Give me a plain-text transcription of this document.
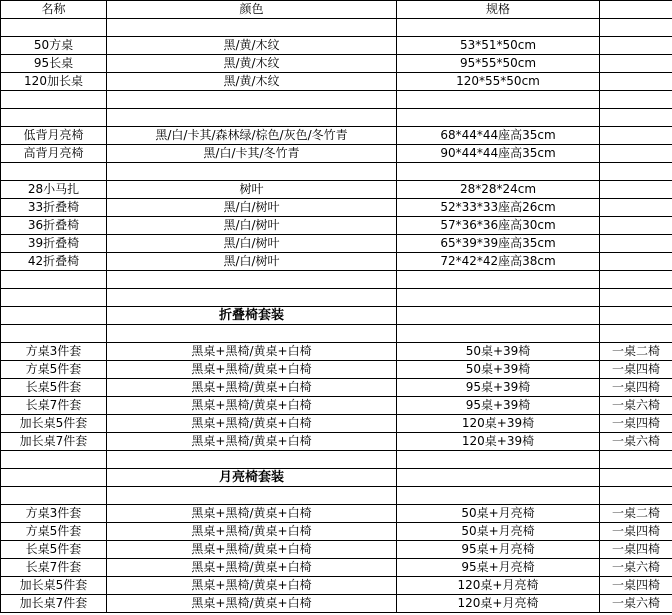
名称	颜色	规格	

50方桌	黑/黄/木纹	53*51*50cm	
95长桌	黑/黄/木纹	95*55*50cm	
120加长桌	黑/黄/木纹	120*55*50cm	

低背月亮椅	黑/白/卡其/森林绿/棕色/灰色/冬竹青	68*44*44座高35cm	
高背月亮椅	黑/白/卡其/冬竹青	90*44*44座高35cm	

28小马扎	树叶	28*28*24cm	
33折叠椅	黑/白/树叶	52*33*33座高26cm	
36折叠椅	黑/白/树叶	57*36*36座高30cm	
39折叠椅	黑/白/树叶	65*39*39座高35cm	
42折叠椅	黑/白/树叶	72*42*42座高38cm	

	折叠椅套装		

方桌3件套	黑桌+黑椅/黄桌+白椅	50桌+39椅	一桌二椅
方桌5件套	黑桌+黑椅/黄桌+白椅	50桌+39椅	一桌四椅
长桌5件套	黑桌+黑椅/黄桌+白椅	95桌+39椅	一桌四椅
长桌7件套	黑桌+黑椅/黄桌+白椅	95桌+39椅	一桌六椅
加长桌5件套	黑桌+黑椅/黄桌+白椅	120桌+39椅	一桌四椅
加长桌7件套	黑桌+黑椅/黄桌+白椅	120桌+39椅	一桌六椅

	月亮椅套装		

方桌3件套	黑桌+黑椅/黄桌+白椅	50桌+月亮椅	一桌二椅
方桌5件套	黑桌+黑椅/黄桌+白椅	50桌+月亮椅	一桌四椅
长桌5件套	黑桌+黑椅/黄桌+白椅	95桌+月亮椅	一桌四椅
长桌7件套	黑桌+黑椅/黄桌+白椅	95桌+月亮椅	一桌六椅
加长桌5件套	黑桌+黑椅/黄桌+白椅	120桌+月亮椅	一桌四椅
加长桌7件套	黑桌+黑椅/黄桌+白椅	120桌+月亮椅	一桌六椅
